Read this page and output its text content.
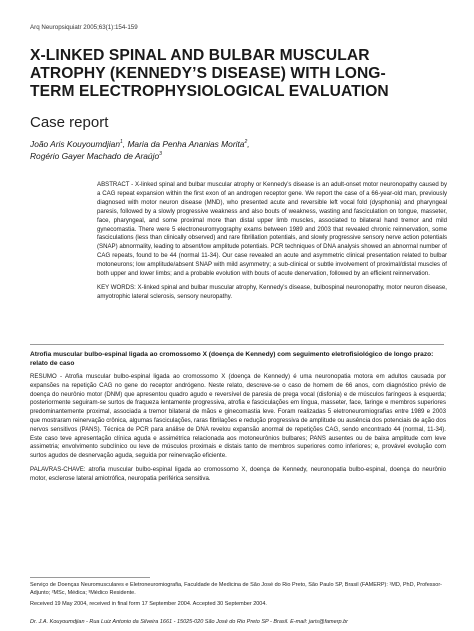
Arq Neuropsiquiatr 2005;63(1):154-159
X-LINKED SPINAL AND BULBAR MUSCULAR
ATROPHY (KENNEDY’S DISEASE) WITH LONG-
TERM ELECTROPHYSIOLOGICAL EVALUATION
Case report
João Aris Kouyoumdjian$^1$, Maria da Penha Ananias Morita$^2$,
Rogério Gayer Machado de Araújo$^3$

ABSTRACT - X-linked spinal and bulbar muscular atrophy or Kennedy’s disease is an adult-onset motor neuronopathy caused by a CAG repeat expansion within the first exon of an androgen receptor gene. We report the case of a 66-year-old man, previously diagnosed with motor neuron disease (MND), who presented acute and reversible left vocal fold (dysphonia) and pharyngeal paresis, followed by a slowly progressive weakness and also bouts of weakness, wasting and fasciculation on tongue, masseter, face, pharyngeal, and some proximal more than distal upper limb muscles, associated to bilateral hand tremor and mild gynecomastia. There were 5 electroneuromyography exams between 1989 and 2003 that revealed chronic reinnervation, some fasciculations (less than clinically observed) and rare fibrillation potentials, and slowly progressive sensory nerve action potentials (SNAP) abnormality, leading to absent/low amplitude potentials. PCR techniques of DNA analysis showed an abnormal number of CAG repeats, found to be 44 (normal 11-34). Our case revealed an acute and asymmetric clinical presentation related to bulbar motoneurons; low amplitude/absent SNAP with mild asymmetry; a sub-clinical or subtle involvement of proximal/distal muscles of both upper and lower limbs; and a probable evolution with bouts of acute denervation, followed by an efficient reinnervation.

KEY WORDS: X-linked spinal and bulbar muscular atrophy, Kennedy’s disease, bulbospinal neuronopathy, motor neuron disease, amyotrophic lateral sclerosis, sensory neuropathy.

Atrofia muscular bulbo-espinal ligada ao cromossomo X (doença de Kennedy) com seguimento eletrofisiológico de longo prazo: relato de caso

RESUMO - Atrofia muscular bulbo-espinal ligada ao cromossomo X (doença de Kennedy) é uma neuronopatia motora em adultos causada por expansões na repetição CAG no gene do receptor andrógeno. Neste relato, descreve-se o caso de homem de 66 anos, com diagnóstico prévio de doença do neurônio motor (DNM) que apresentou quadro agudo e reversível de paresia de prega vocal (disfonia) e de músculos faríngeos à esquerda; posteriormente seguiram-se surtos de fraqueza lentamente progressiva, atrofia e fasciculações em língua, masseter, face, faringe e membros superiores predominantemente proximal, associada a tremor bilateral de mãos e ginecomastia leve. Foram realizadas 5 eletroneuromiografias entre 1989 e 2003 que mostraram reinervação crônica, algumas fasciculações, raras fibrilações e redução progressiva de amplitude ou ausência dos potenciais de ação dos nervos sensitivos (PANS). Técnica de PCR para análise de DNA revelou expansão anormal de repetições CAG, sendo encontrado 44 (normal, 11-34). Este caso teve apresentação clínica aguda e assimétrica relacionada aos motoneurônios bulbares; PANS ausentes ou de baixa amplitude com leve assimetria; envolvimento subclínico ou leve de músculos proximais e distais tanto de membros superiores como inferiores; e, provável evolução com surtos agudos de desnervação aguda, seguida por reinervação eficiente.

PALAVRAS-CHAVE: atrofia muscular bulbo-espinal ligada ao cromossomo X, doença de Kennedy, neuronopatia bulbo-espinal, doença do neurônio motor, esclerose lateral amiotrófica, neuropatia periférica sensitiva.

Serviço de Doenças Neuromusculares e Eletroneuromiografia, Faculdade de Medicina de São José do Rio Preto, São Paulo SP, Brasil (FAMERP): ¹MD, PhD, Professor-Adjunto; ²MSc, Médica; ³Médico Residente.

Received 19 May 2004, received in final form 17 September 2004. Accepted 30 September 2004.

Dr. J.A. Kouyoumdjian - Rua Luiz Antonio da Silveira 1661 - 15025-020 São José do Rio Preto SP - Brasil. E-mail: jaris@famerp.br
